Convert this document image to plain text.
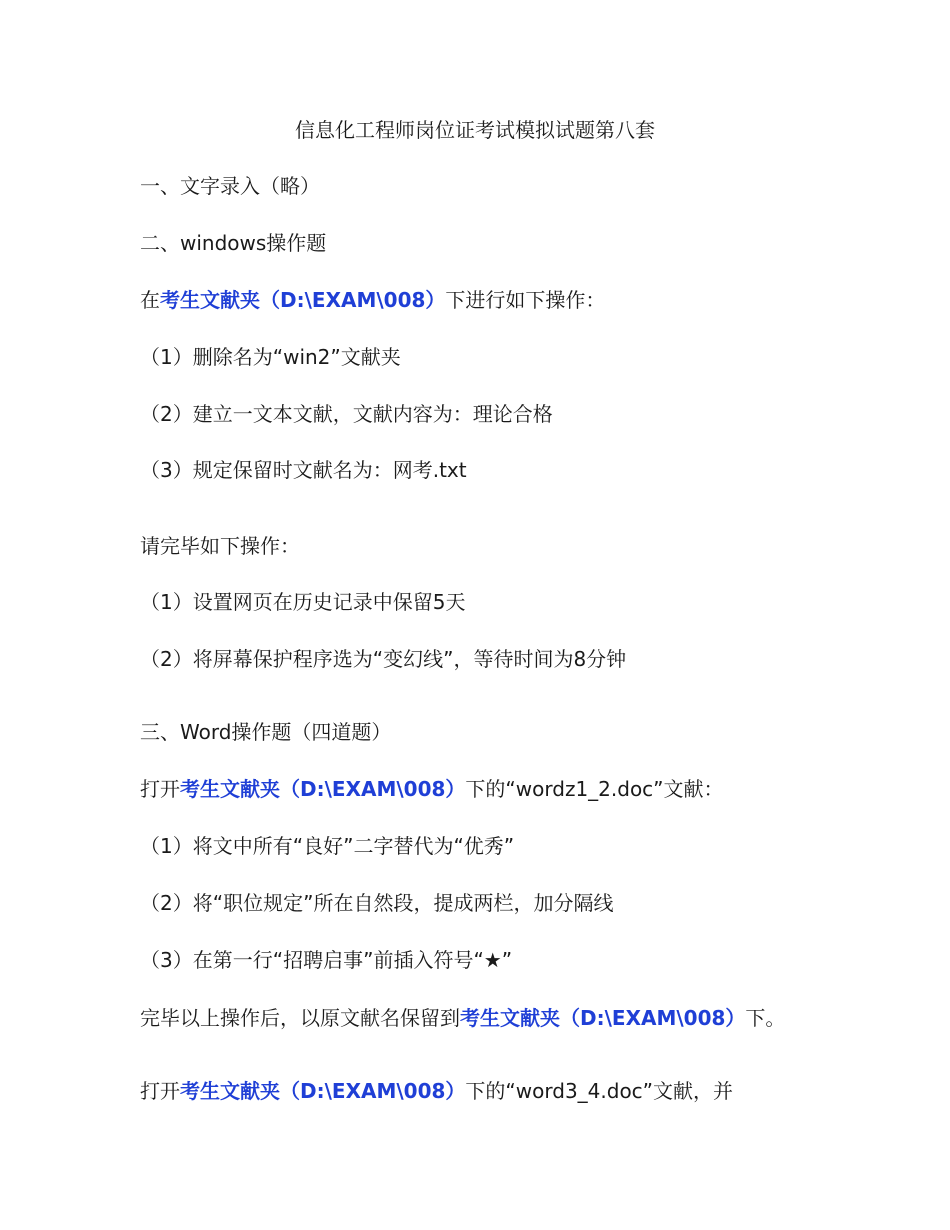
信息化工程师岗位证考试模拟试题第八套
一、文字录入（略）
二、windows操作题
在考生文献夹（D:\EXAM\008）下进行如下操作：
（1）删除名为“win2”文献夹
（2）建立一文本文献，文献内容为：理论合格
（3）规定保留时文献名为：网考.txt
请完毕如下操作：
（1）设置网页在历史记录中保留5天
（2）将屏幕保护程序选为“变幻线”，等待时间为8分钟
三、Word操作题（四道题）
打开考生文献夹（D:\EXAM\008）下的“wordz1_2.doc”文献：
（1）将文中所有“良好”二字替代为“优秀”
（2）将“职位规定”所在自然段，提成两栏，加分隔线
（3）在第一行“招聘启事”前插入符号“★”
完毕以上操作后，以原文献名保留到考生文献夹（D:\EXAM\008）下。
打开考生文献夹（D:\EXAM\008）下的“word3_4.doc”文献，并
